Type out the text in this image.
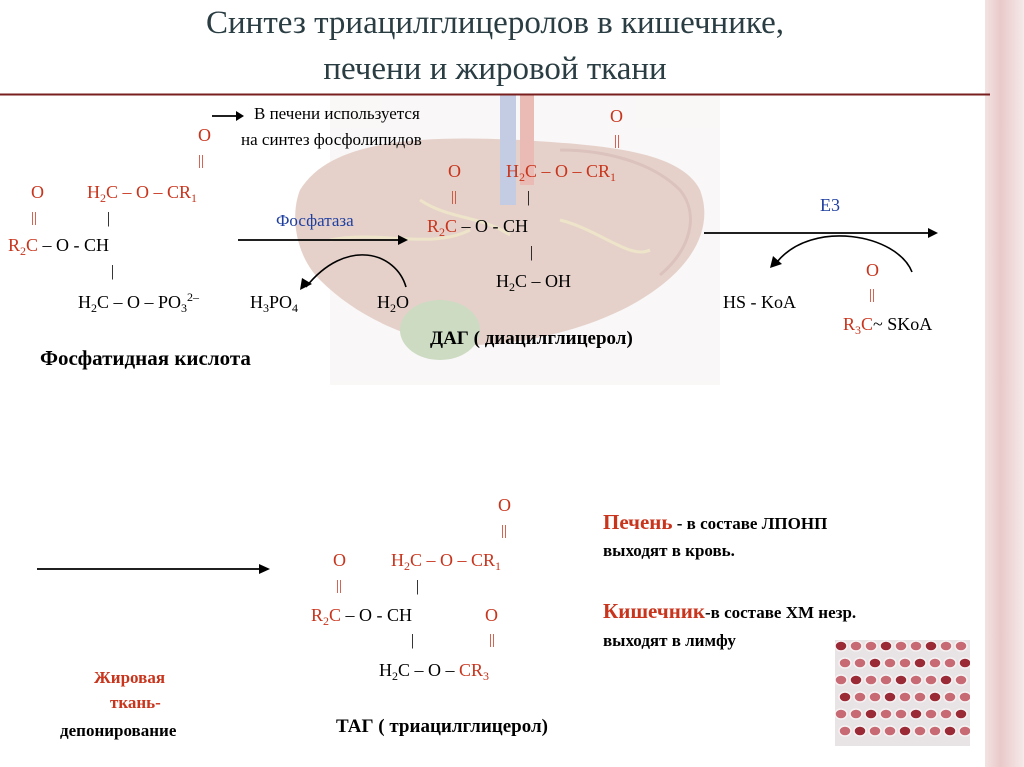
Синтез триацилглицеролов в кишечнике,
печени и жировой ткани
В печени используется
на синтез фосфолипидов
O
||
O $H_2C$ – O – $CR_1$
||	|
$R_2C$ – O - CH
|
$H_2C$ – O – $PO_3^{2-}$
Фосфатидная кислота
Фосфатаза
$H_3PO_4$	$H_2O$
O
||
O	$H_2C$ – O – $CR_1$
||	|
$R_2C$ – O - CH
|
$H_2C$ – OH
ДАГ ( диацилглицерол)
E3
HS - KoA
O
||
$R_3C\sim$ SKoA
O
||
O	$H_2C$ – O – $CR_1$
||	|
$R_2C$ – O - CH	O
|	||
$H_2C$ – O – $CR_3$
ТАГ ( триацилглицерол)
Печень - в составе ЛПОНП
выходят в кровь.
Кишечник-в составе ХМ незр.
выходят в лимфу
Жировая
ткань-
депонирование
